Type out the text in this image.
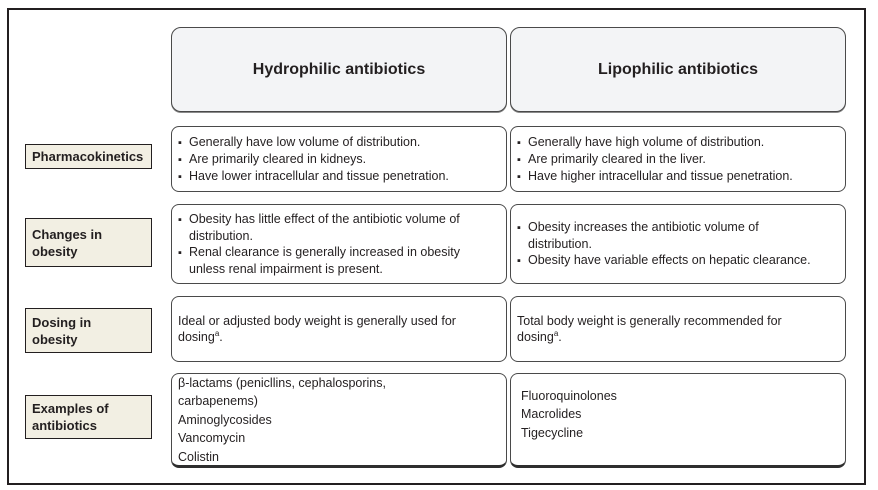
Hydrophilic antibiotics	Lipophilic antibiotics
Pharmacokinetics
▪ Generally have low volume of distribution.
▪ Are primarily cleared in kidneys.
▪ Have lower intracellular and tissue penetration.
▪ Generally have high volume of distribution.
▪ Are primarily cleared in the liver.
▪ Have higher intracellular and tissue penetration.
Changes in obesity
▪ Obesity has little effect of the antibiotic volume of distribution.
▪ Renal clearance is generally increased in obesity unless renal impairment is present.
▪ Obesity increases the antibiotic volume of distribution.
▪ Obesity have variable effects on hepatic clearance.
Dosing in obesity
Ideal or adjusted body weight is generally used for dosing$^a$.
Total body weight is generally recommended for dosing$^a$.
Examples of antibiotics
β-lactams (penicllins, cephalosporins, carbapenems)
Aminoglycosides
Vancomycin
Colistin
Fluoroquinolones
Macrolides
Tigecycline
